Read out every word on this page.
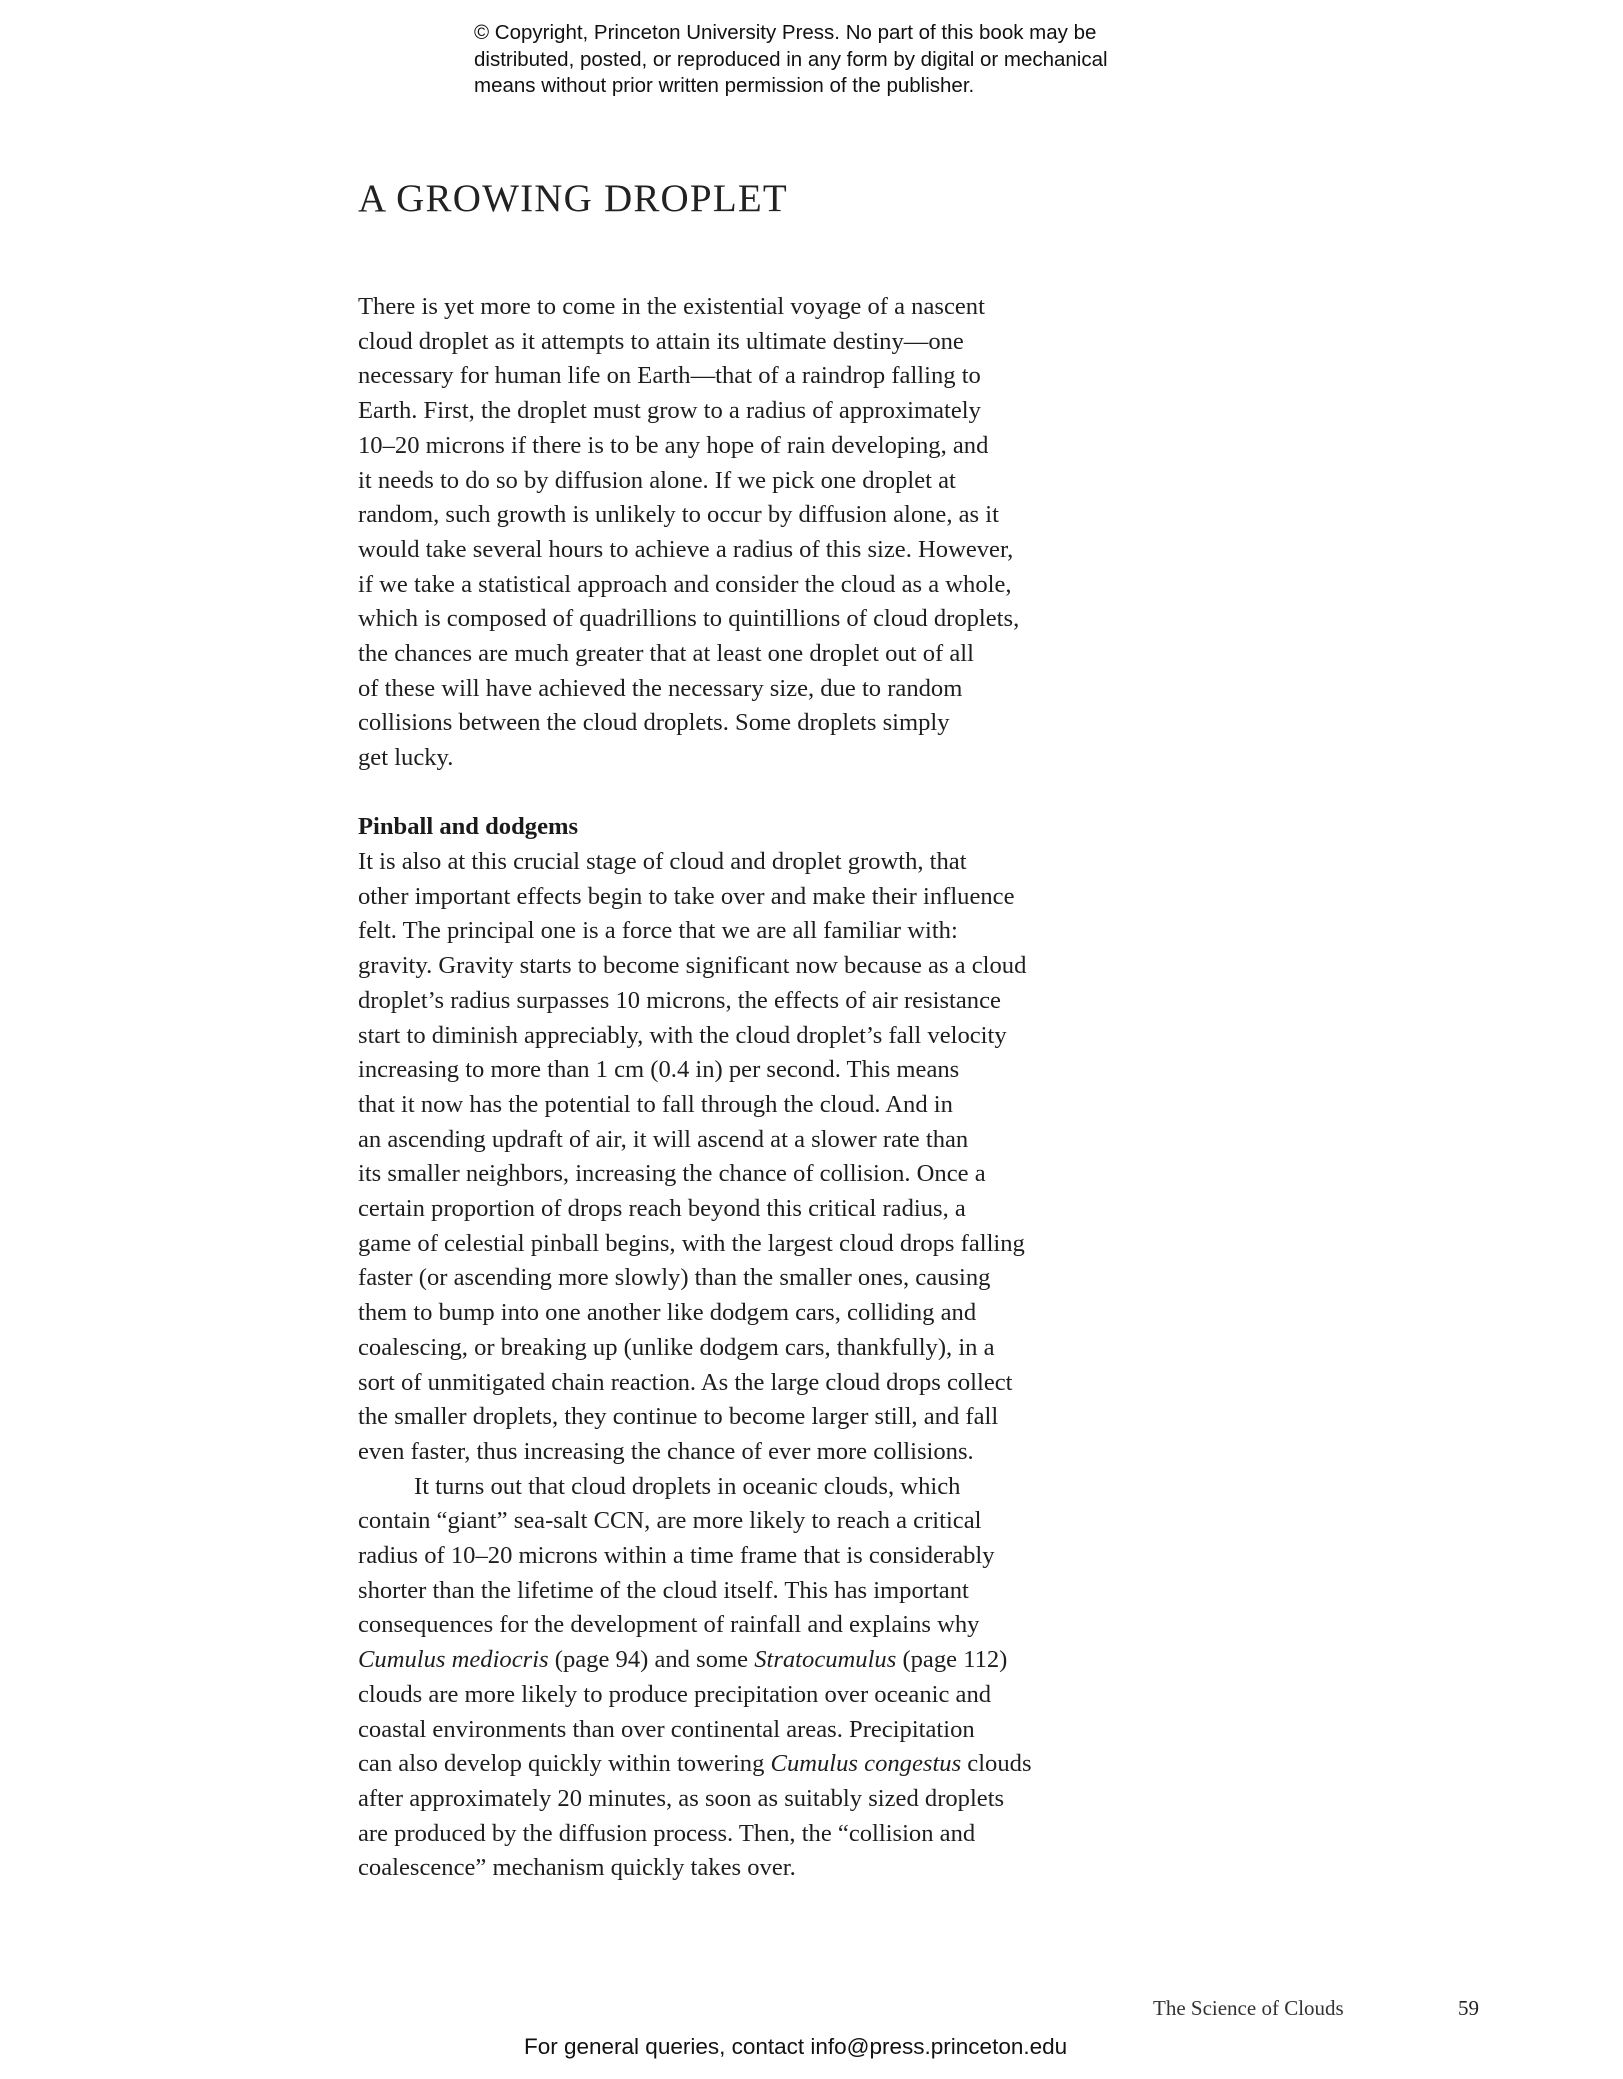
© Copyright, Princeton University Press. No part of this book may be
distributed, posted, or reproduced in any form by digital or mechanical
means without prior written permission of the publisher.
A GROWING DROPLET
There is yet more to come in the existential voyage of a nascent
cloud droplet as it attempts to attain its ultimate destiny—one
necessary for human life on Earth—that of a raindrop falling to
Earth. First, the droplet must grow to a radius of approximately
10–20 microns if there is to be any hope of rain developing, and
it needs to do so by diffusion alone. If we pick one droplet at
random, such growth is unlikely to occur by diffusion alone, as it
would take several hours to achieve a radius of this size. However,
if we take a statistical approach and consider the cloud as a whole,
which is composed of quadrillions to quintillions of cloud droplets,
the chances are much greater that at least one droplet out of all
of these will have achieved the necessary size, due to random
collisions between the cloud droplets. Some droplets simply
get lucky.
Pinball and dodgems
It is also at this crucial stage of cloud and droplet growth, that
other important effects begin to take over and make their influence
felt. The principal one is a force that we are all familiar with:
gravity. Gravity starts to become significant now because as a cloud
droplet’s radius surpasses 10 microns, the effects of air resistance
start to diminish appreciably, with the cloud droplet’s fall velocity
increasing to more than 1 cm (0.4 in) per second. This means
that it now has the potential to fall through the cloud. And in
an ascending updraft of air, it will ascend at a slower rate than
its smaller neighbors, increasing the chance of collision. Once a
certain proportion of drops reach beyond this critical radius, a
game of celestial pinball begins, with the largest cloud drops falling
faster (or ascending more slowly) than the smaller ones, causing
them to bump into one another like dodgem cars, colliding and
coalescing, or breaking up (unlike dodgem cars, thankfully), in a
sort of unmitigated chain reaction. As the large cloud drops collect
the smaller droplets, they continue to become larger still, and fall
even faster, thus increasing the chance of ever more collisions.
It turns out that cloud droplets in oceanic clouds, which
contain “giant” sea-salt CCN, are more likely to reach a critical
radius of 10–20 microns within a time frame that is considerably
shorter than the lifetime of the cloud itself. This has important
consequences for the development of rainfall and explains why
Cumulus mediocris (page 94) and some Stratocumulus (page 112)
clouds are more likely to produce precipitation over oceanic and
coastal environments than over continental areas. Precipitation
can also develop quickly within towering Cumulus congestus clouds
after approximately 20 minutes, as soon as suitably sized droplets
are produced by the diffusion process. Then, the “collision and
coalescence” mechanism quickly takes over.
The Science of Clouds	59
For general queries, contact info@press.princeton.edu
